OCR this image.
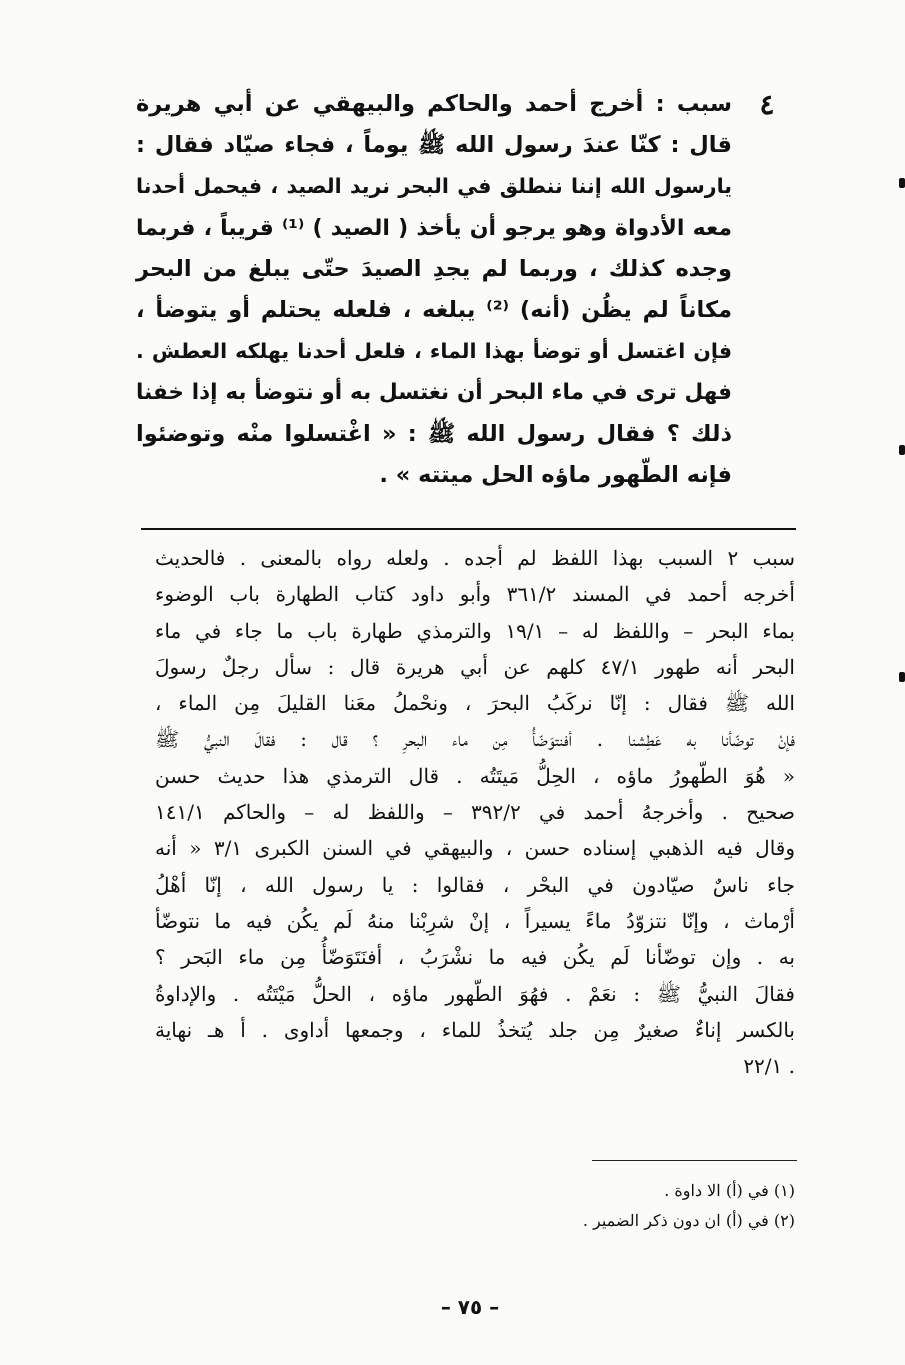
٤
سبب : أخرج أحمد والحاكم والبيهقي عن أبي هريرة
قال : كنّا عندَ رسول الله ﷺ يوماً ، فجاء صيّاد فقال :
يارسول الله إننا ننطلق في البحر نريد الصيد ، فيحمل أحدنا
معه الأدواة وهو يرجو أن يأخذ ( الصيد ) ⁽¹⁾ قريباً ، فربما
وجده كذلك ، وربما لم يجدِ الصيدَ حتّى يبلغ من البحر
مكاناً لم يظُن (أنه) ⁽²⁾ يبلغه ، فلعله يحتلم أو يتوضأ ،
فإن اغتسل أو توضأ بهذا الماء ، فلعل أحدنا يهلكه العطش .
فهل ترى في ماء البحر أن نغتسل به أو نتوضأ به إذا خفنا
ذلك ؟ فقال رسول الله ﷺ : « اغْتسلوا منْه وتوضئوا
فإنه الطّهور ماؤه الحل ميتته » .
سبب ٢ السبب بهذا اللفظ لم أجده . ولعله رواه بالمعنى . فالحديث
أخرجه أحمد في المسند ٣٦١/٢ وأبو داود كتاب الطهارة باب الوضوء
بماء البحر – واللفظ له – ١٩/١ والترمذي طهارة باب ما جاء في ماء
البحر أنه طهور ٤٧/١ كلهم عن أبي هريرة قال : سأل رجلٌ رسولَ
الله ﷺ فقال : إنّا نركَبُ البحرَ ، ونحْملُ معَنا القليلَ مِن الماء ،
فإنْ توضّأنا به عَطِشنا . أفنتوَضّأُ مِن ماء البحرِ ؟ قال : فقالَ النبيُّ ﷺ
« هُوَ الطّهورُ ماؤه ، الحِلُّ مَيتَتُه . قال الترمذي هذا حديث حسن
صحيح . وأخرجهُ أحمد في ٣٩٢/٢ – واللفظ له – والحاكم ١٤١/١
وقال فيه الذهبي إسناده حسن ، والبيهقي في السنن الكبرى ٣/١ « أنه
جاء ناسٌ صيّادون في البحْر ، فقالوا : يا رسول الله ، إنّا أهْلُ
أرْماث ، وإنّا نتزوّدُ ماءً يسيراً ، إنْ شرِبْنا منهُ لَم يكُن فيه ما نتوضّأ
به . وإن توضّأنا لَم يكُن فيه ما نشْرَبُ ، أفنَتَوَضّأُ مِن ماء البَحر ؟
فقالَ النبيُّ ﷺ : نعَمْ . فهُوَ الطّهور ماؤه ، الحلُّ مَيْتَتُه . والإداوةُ
بالكسر إناءٌ صغيرٌ مِن جلد يُتخذُ للماء ، وجمعها أداوى . أ هـ نهاية
. ٢٢/١
(١) في (أ) الا داوة .
(٢) في (أ) ان دون ذكر الضمير .
– ٧٥ –
